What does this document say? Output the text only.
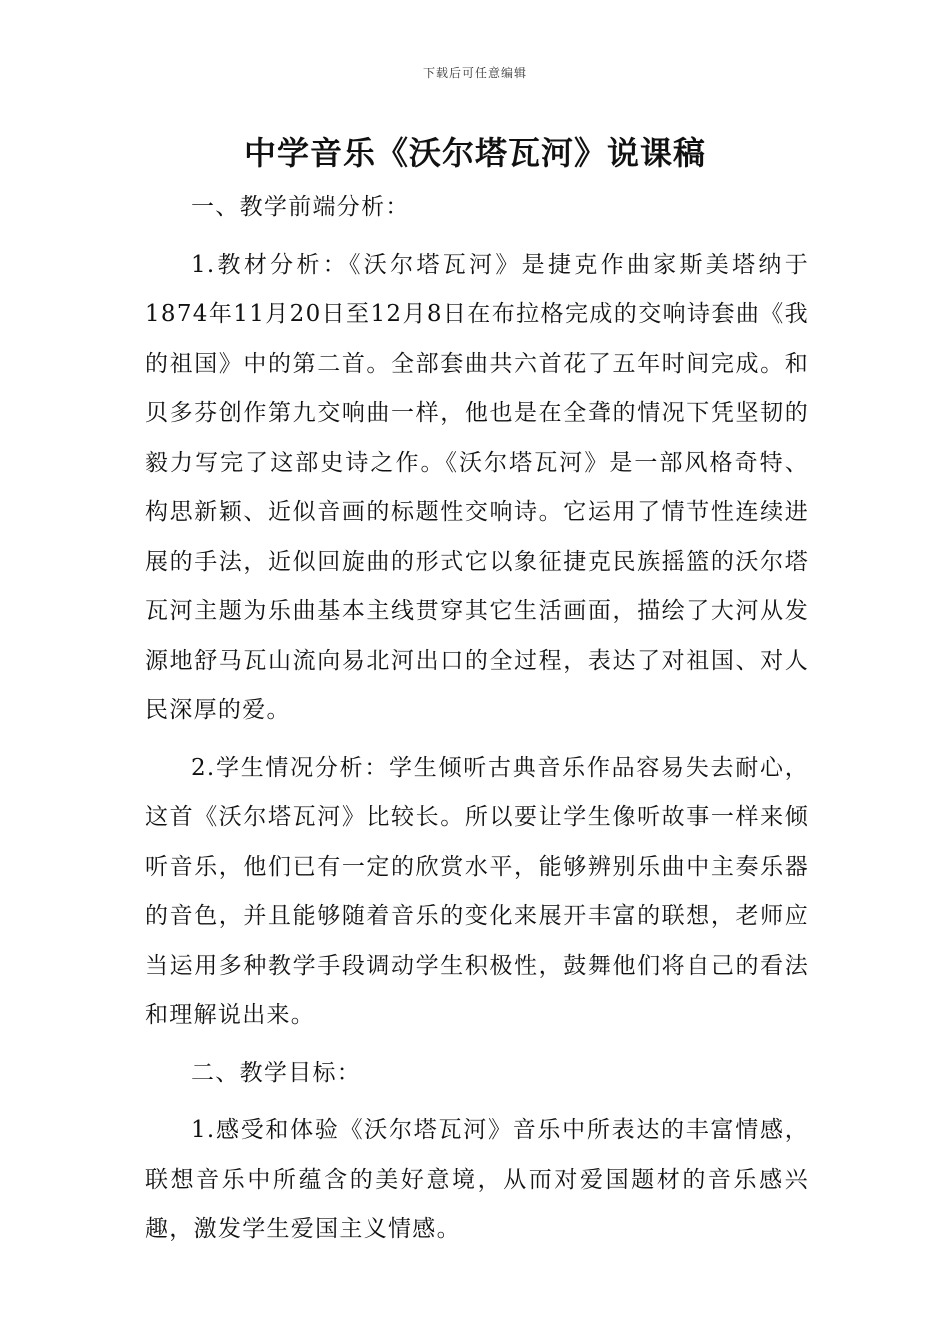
下载后可任意编辑
中学音乐《沃尔塔瓦河》说课稿
一、教学前端分析：

1.教材分析：《沃尔塔瓦河》是捷克作曲家斯美塔纳于1874年11月20日至12月8日在布拉格完成的交响诗套曲《我的祖国》中的第二首。全部套曲共六首花了五年时间完成。和贝多芬创作第九交响曲一样，他也是在全聋的情况下凭坚韧的毅力写完了这部史诗之作。《沃尔塔瓦河》是一部风格奇特、构思新颖、近似音画的标题性交响诗。它运用了情节性连续进展的手法，近似回旋曲的形式它以象征捷克民族摇篮的沃尔塔瓦河主题为乐曲基本主线贯穿其它生活画面，描绘了大河从发源地舒马瓦山流向易北河出口的全过程，表达了对祖国、对人民深厚的爱。

2.学生情况分析：学生倾听古典音乐作品容易失去耐心，这首《沃尔塔瓦河》比较长。所以要让学生像听故事一样来倾听音乐，他们已有一定的欣赏水平，能够辨别乐曲中主奏乐器的音色，并且能够随着音乐的变化来展开丰富的联想，老师应当运用多种教学手段调动学生积极性，鼓舞他们将自己的看法和理解说出来。

二、教学目标：

1.感受和体验《沃尔塔瓦河》音乐中所表达的丰富情感，联想音乐中所蕴含的美好意境，从而对爱国题材的音乐感兴趣，激发学生爱国主义情感。
